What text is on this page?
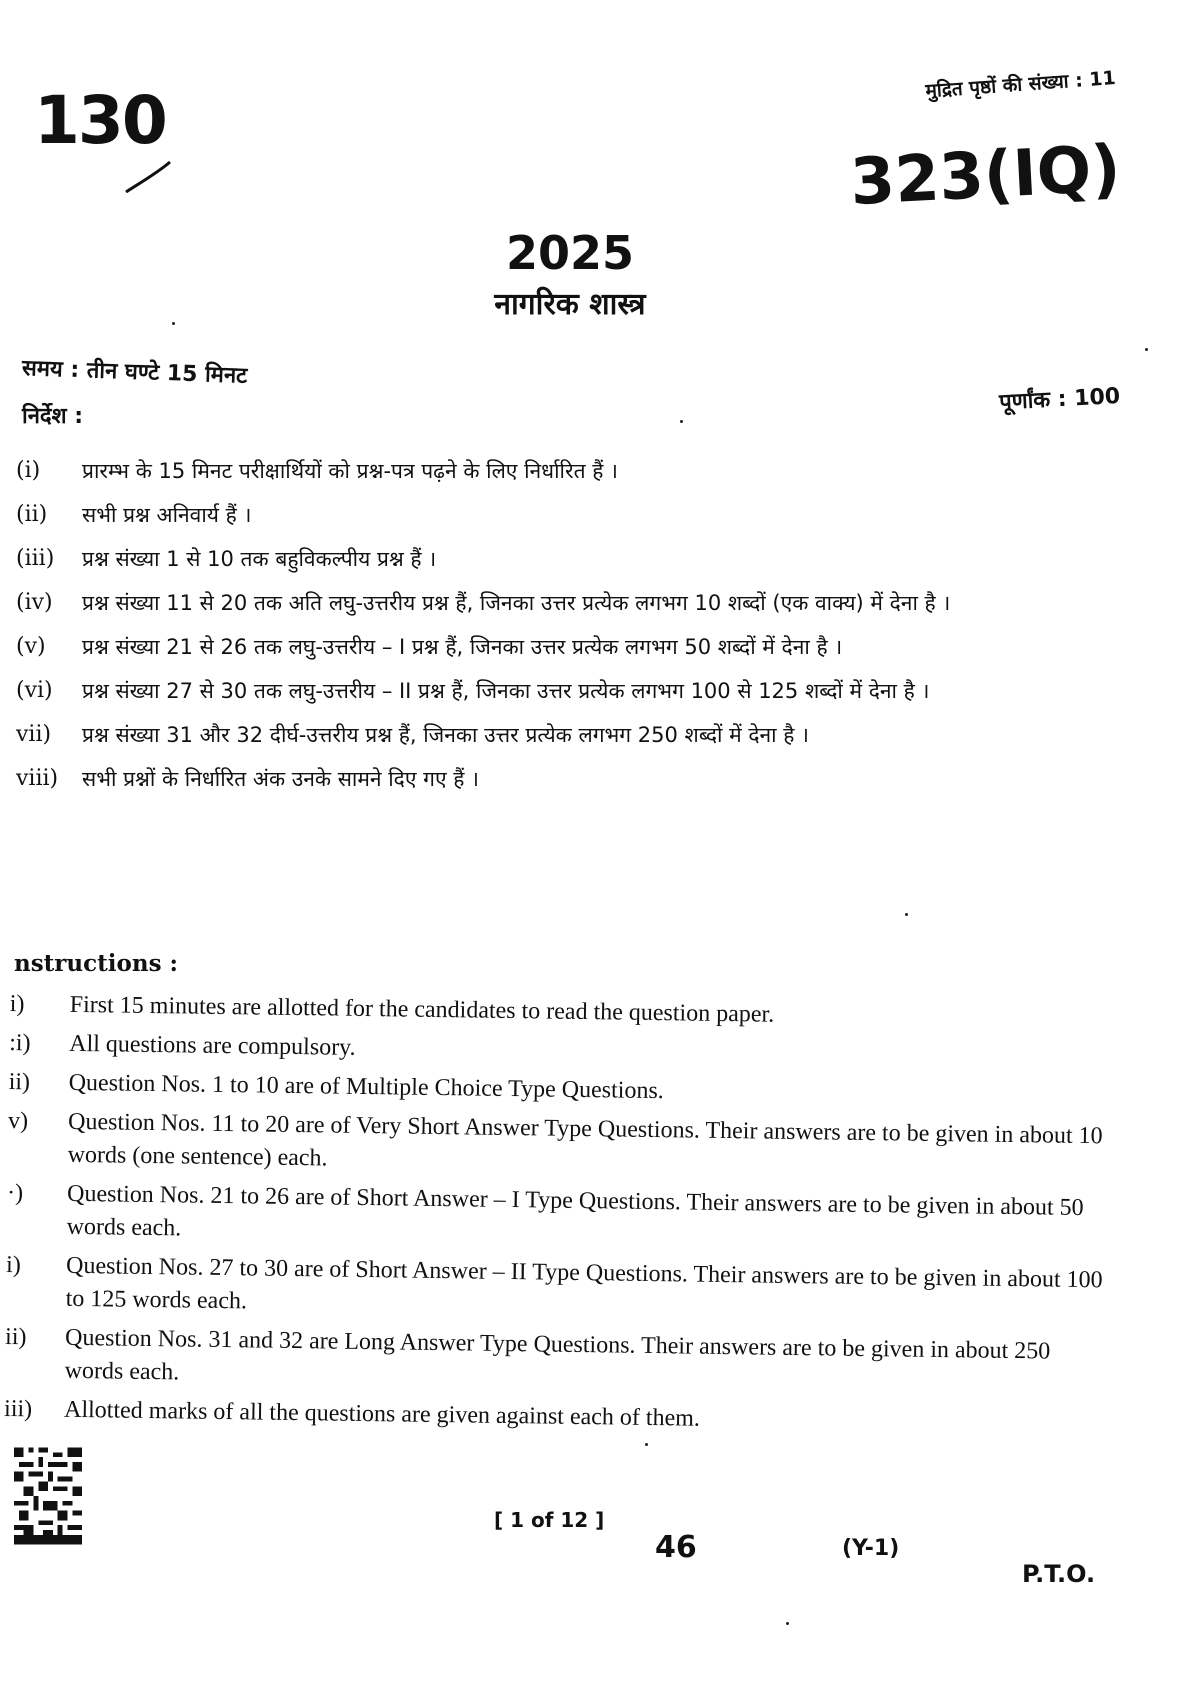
130	मुद्रित पृष्ठों की संख्या : 11
323(IQ)
2025
नागरिक शास्त्र
समय : तीन घण्टे 15 मिनट
पूर्णांक : 100
निर्देश :
(i)	प्रारम्भ के 15 मिनट परीक्षार्थियों को प्रश्न-पत्र पढ़ने के लिए निर्धारित हैं ।
(ii)	सभी प्रश्न अनिवार्य हैं ।
(iii)	प्रश्न संख्या 1 से 10 तक बहुविकल्पीय प्रश्न हैं ।
(iv)	प्रश्न संख्या 11 से 20 तक अति लघु-उत्तरीय प्रश्न हैं, जिनका उत्तर प्रत्येक लगभग 10 शब्दों (एक वाक्य) में देना है ।
(v)	प्रश्न संख्या 21 से 26 तक लघु-उत्तरीय – I प्रश्न हैं, जिनका उत्तर प्रत्येक लगभग 50 शब्दों में देना है ।
(vi)	प्रश्न संख्या 27 से 30 तक लघु-उत्तरीय – II प्रश्न हैं, जिनका उत्तर प्रत्येक लगभग 100 से 125 शब्दों में देना है ।
vii)	प्रश्न संख्या 31 और 32 दीर्घ-उत्तरीय प्रश्न हैं, जिनका उत्तर प्रत्येक लगभग 250 शब्दों में देना है ।
viii)	सभी प्रश्नों के निर्धारित अंक उनके सामने दिए गए हैं ।
nstructions :
i)	First 15 minutes are allotted for the candidates to read the question paper.
:i)	All questions are compulsory.
ii)	Question Nos. 1 to 10 are of Multiple Choice Type Questions.
v)	Question Nos. 11 to 20 are of Very Short Answer Type Questions. Their answers are to be given in about 10 words (one sentence) each.
·)	Question Nos. 21 to 26 are of Short Answer – I Type Questions. Their answers are to be given in about 50 words each.
i)	Question Nos. 27 to 30 are of Short Answer – II Type Questions. Their answers are to be given in about 100 to 125 words each.
ii)	Question Nos. 31 and 32 are Long Answer Type Questions. Their answers are to be given in about 250 words each.
iii)	Allotted marks of all the questions are given against each of them.
[ 1 of 12 ]
46	(Y-1)
P.T.O.
